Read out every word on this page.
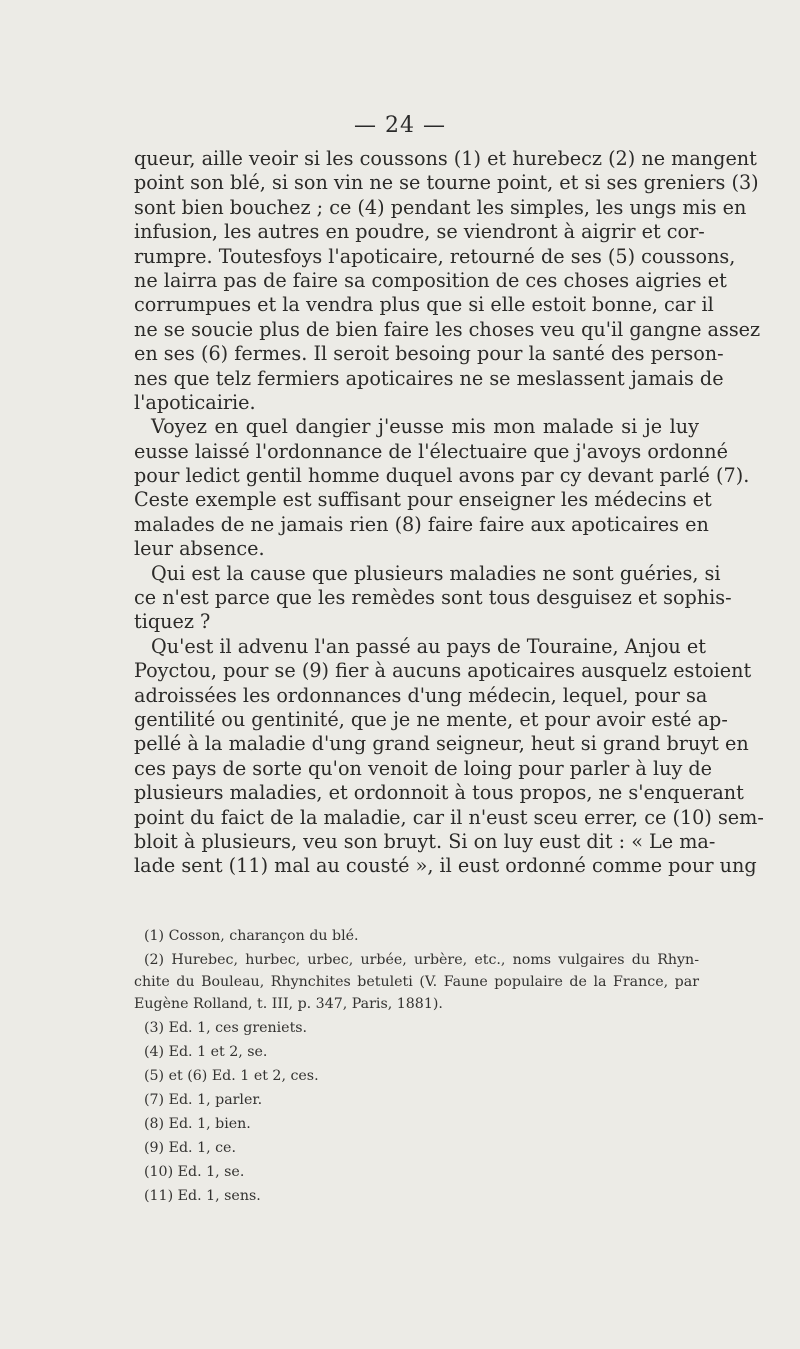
— 24 —
queur, aille veoir si les coussons (1) et hurebecz (2) ne mangent
point son blé, si son vin ne se tourne point, et si ses greniers (3)
sont bien bouchez ; ce (4) pendant les simples, les ungs mis en
infusion, les autres en poudre, se viendront à aigrir et cor-
rumpre. Toutesfoys l'apoticaire, retourné de ses (5) coussons,
ne lairra pas de faire sa composition de ces choses aigries et
corrumpues et la vendra plus que si elle estoit bonne, car il
ne se soucie plus de bien faire les choses veu qu'il gangne assez
en ses (6) fermes. Il seroit besoing pour la santé des person-
nes que telz fermiers apoticaires ne se meslassent jamais de
l'apoticairie.
Voyez en quel dangier j'eusse mis mon malade si je luy
eusse laissé l'ordonnance de l'électuaire que j'avoys ordonné
pour ledict gentil homme duquel avons par cy devant parlé (7).
Ceste exemple est suffisant pour enseigner les médecins et
malades de ne jamais rien (8) faire faire aux apoticaires en
leur absence.
Qui est la cause que plusieurs maladies ne sont guéries, si
ce n'est parce que les remèdes sont tous desguisez et sophis-
tiquez ?
Qu'est il advenu l'an passé au pays de Touraine, Anjou et
Poyctou, pour se (9) fier à aucuns apoticaires ausquelz estoient
adroissées les ordonnances d'ung médecin, lequel, pour sa
gentilité ou gentinité, que je ne mente, et pour avoir esté ap-
pellé à la maladie d'ung grand seigneur, heut si grand bruyt en
ces pays de sorte qu'on venoit de loing pour parler à luy de
plusieurs maladies, et ordonnoit à tous propos, ne s'enquerant
point du faict de la maladie, car il n'eust sceu errer, ce (10) sem-
bloit à plusieurs, veu son bruyt. Si on luy eust dit : « Le ma-
lade sent (11) mal au cousté », il eust ordonné comme pour ung
(1) Cosson, charançon du blé.
(2) Hurebec, hurbec, urbec, urbée, urbère, etc., noms vulgaires du Rhyn-
chite du Bouleau, Rhynchites betuleti (V. Faune populaire de la France, par
Eugène Rolland, t. III, p. 347, Paris, 1881).
(3) Ed. 1, ces greniets.
(4) Ed. 1 et 2, se.
(5) et (6) Ed. 1 et 2, ces.
(7) Ed. 1, parler.
(8) Ed. 1, bien.
(9) Ed. 1, ce.
(10) Ed. 1, se.
(11) Ed. 1, sens.
